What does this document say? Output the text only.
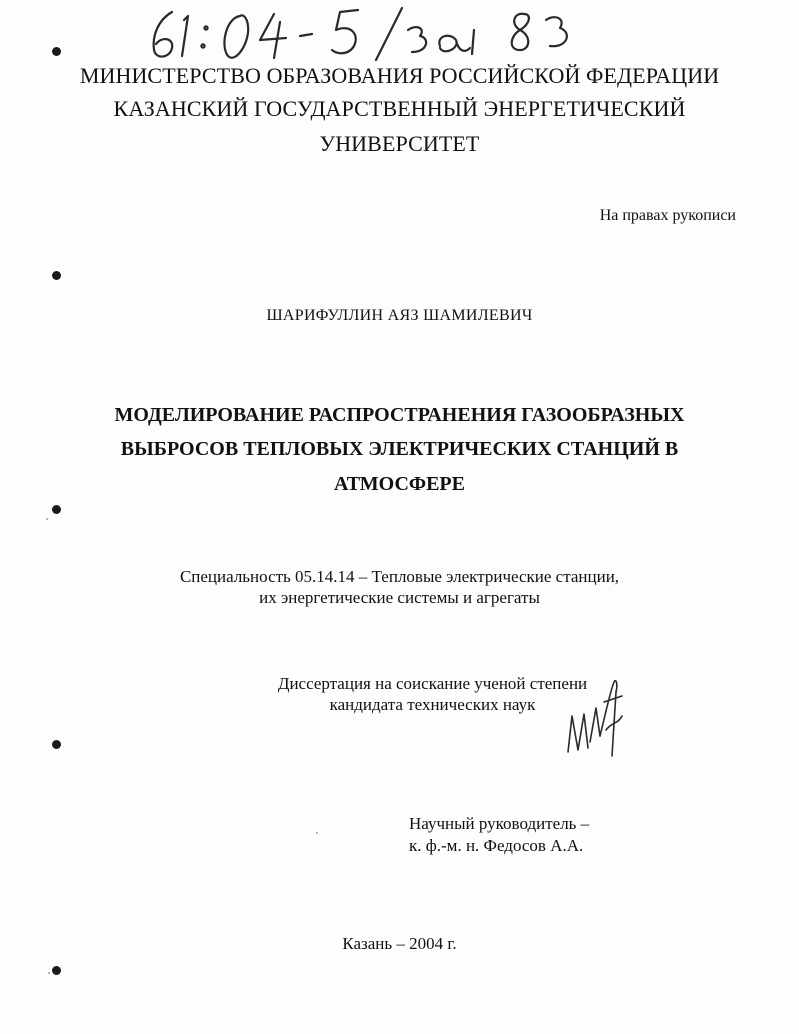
МИНИСТЕРСТВО ОБРАЗОВАНИЯ РОССИЙСКОЙ ФЕДЕРАЦИИ
КАЗАНСКИЙ ГОСУДАРСТВЕННЫЙ ЭНЕРГЕТИЧЕСКИЙ
УНИВЕРСИТЕТ
На правах рукописи
ШАРИФУЛЛИН АЯЗ ШАМИЛЕВИЧ
МОДЕЛИРОВАНИЕ РАСПРОСТРАНЕНИЯ ГАЗООБРАЗНЫХ
ВЫБРОСОВ ТЕПЛОВЫХ ЭЛЕКТРИЧЕСКИХ СТАНЦИЙ В
АТМОСФЕРЕ
Специальность 05.14.14 – Тепловые электрические станции,
их энергетические системы и агрегаты
Диссертация на соискание ученой степени
кандидата технических наук
Научный руководитель –
к. ф.-м. н. Федосов А.А.
Казань – 2004 г.
